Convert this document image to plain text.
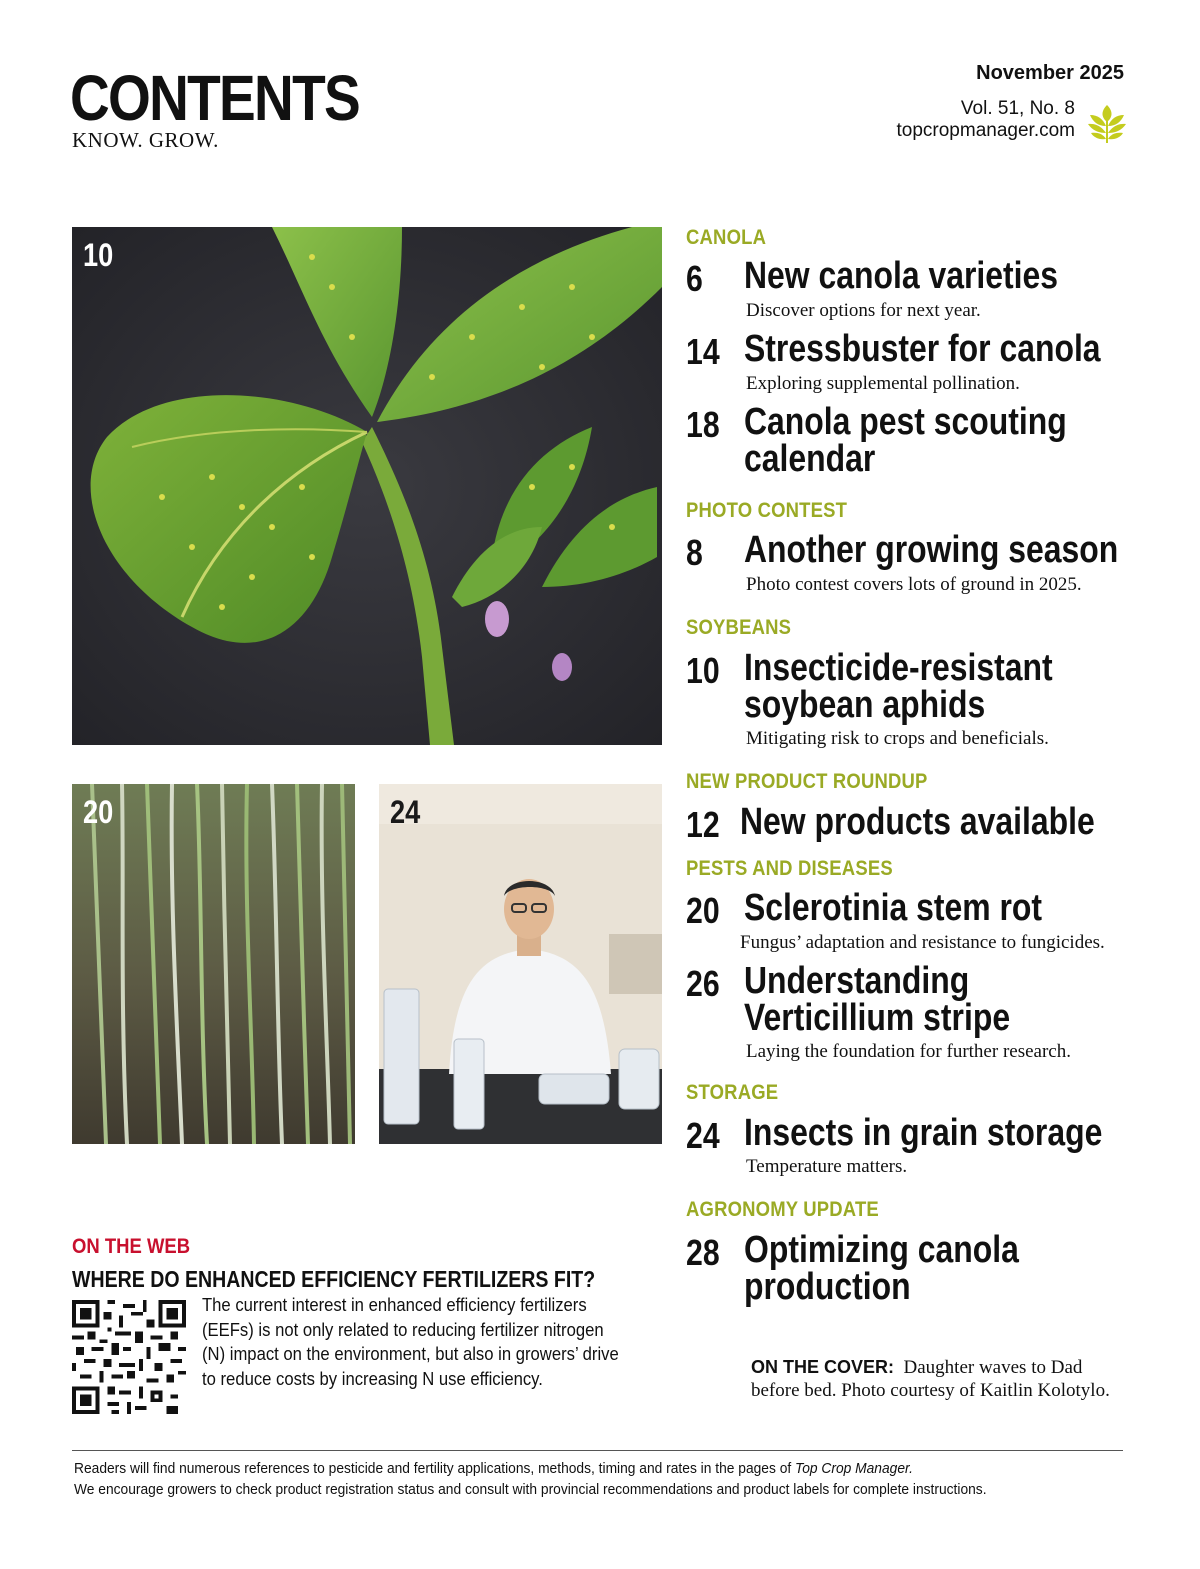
CONTENTS
KNOW. GROW.
November 2025
Vol. 51, No. 8
topcropmanager.com
10
20	24
CANOLA
6 New canola varieties
Discover options for next year.
14 Stressbuster for canola
Exploring supplemental pollination.
18 Canola pest scouting
calendar
PHOTO CONTEST
8 Another growing season
Photo contest covers lots of ground in 2025.
SOYBEANS
10 Insecticide-resistant
soybean aphids
Mitigating risk to crops and beneficials.
NEW PRODUCT ROUNDUP
12 New products available
PESTS AND DISEASES
20 Sclerotinia stem rot
Fungus’ adaptation and resistance to fungicides.
26 Understanding
Verticillium stripe
Laying the foundation for further research.
STORAGE
24 Insects in grain storage
Temperature matters.
AGRONOMY UPDATE
28 Optimizing canola
production
ON THE WEB
WHERE DO ENHANCED EFFICIENCY FERTILIZERS FIT?
The current interest in enhanced efficiency fertilizers (EEFs) is not only related to reducing fertilizer nitrogen (N) impact on the environment, but also in growers’ drive to reduce costs by increasing N use efficiency.
ON THE COVER: Daughter waves to Dad before bed. Photo courtesy of Kaitlin Kolotylo.
Readers will find numerous references to pesticide and fertility applications, methods, timing and rates in the pages of Top Crop Manager.
We encourage growers to check product registration status and consult with provincial recommendations and product labels for complete instructions.
